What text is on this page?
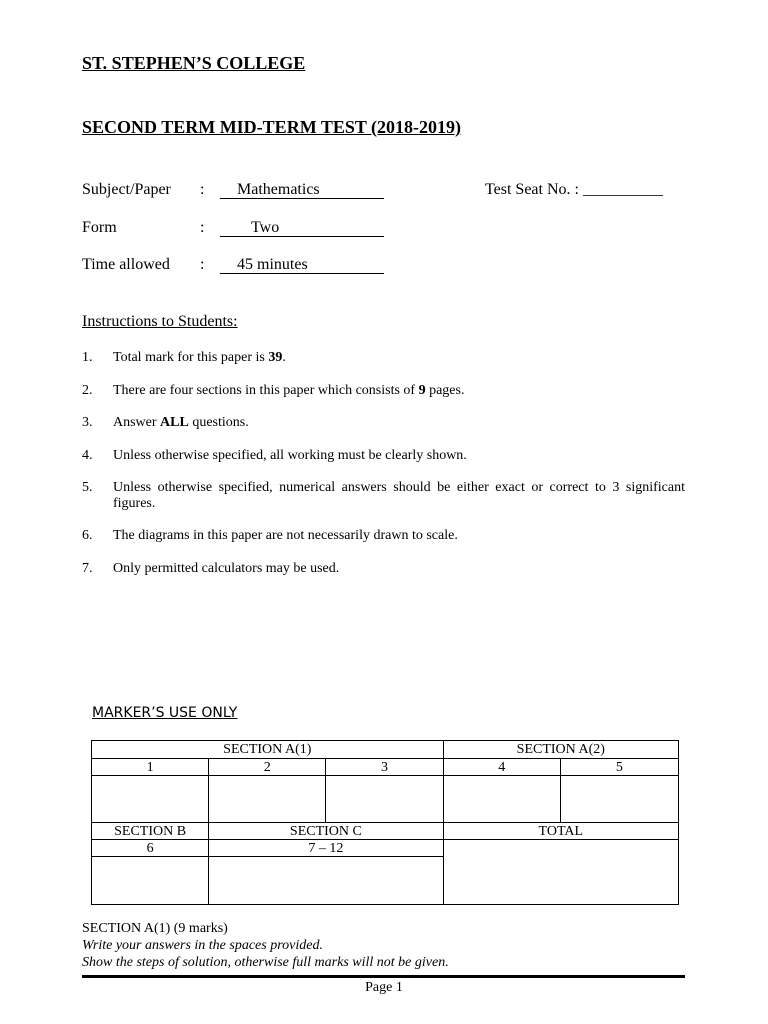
ST. STEPHEN’S COLLEGE
SECOND TERM MID-TERM TEST (2018-2019)
Subject/Paper :	Mathematics	Test Seat No. : __________
Form	:	Two
Time allowed :	45 minutes
Instructions to Students:
1. Total mark for this paper is 39.
2. There are four sections in this paper which consists of 9 pages.
3. Answer ALL questions.
4. Unless otherwise specified, all working must be clearly shown.
5. Unless otherwise specified, numerical answers should be either exact or correct to 3 significant figures.
6. The diagrams in this paper are not necessarily drawn to scale.
7. Only permitted calculators may be used.
MARKER’S USE ONLY
SECTION A(1)			SECTION A(2)	
1	2	3	4	5

SECTION B	SECTION C		TOTAL	
6	7 – 12			

SECTION A(1) (9 marks)
Write your answers in the spaces provided.
Show the steps of solution, otherwise full marks will not be given.
Page 1
